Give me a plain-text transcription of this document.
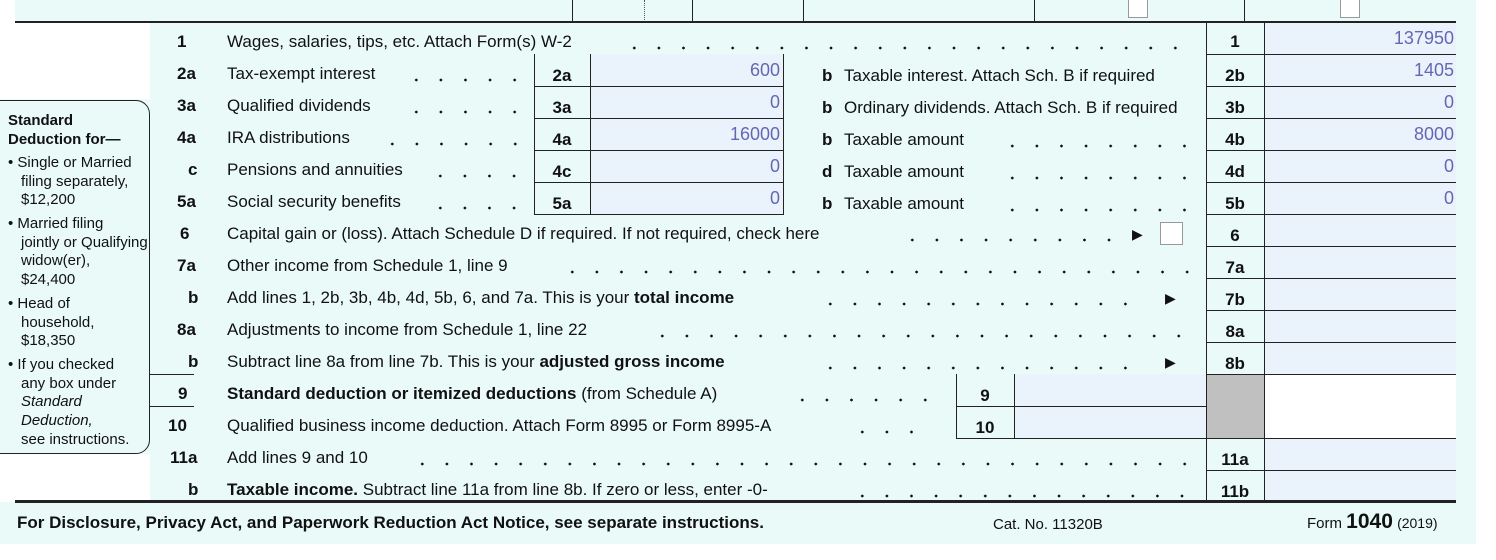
Standard
Deduction for—
• Single or Married
filing separately,
$12,200
• Married filing
jointly or Qualifying
widow(er),
$24,400
• Head of
household,
$18,350
• If you checked
any box under
Standard
Deduction,
see instructions.
1 Wages, salaries, tips, etc. Attach Form(s) W-2	1	137950
2a Tax-exempt interest	2a	600 b Taxable interest. Attach Sch. B if required	2b	1405
3a Qualified dividends	3a	0 b Ordinary dividends. Attach Sch. B if required	3b	0
4a IRA distributions	4a	16000 b Taxable amount	4b	8000
c Pensions and annuities	4c	0 d Taxable amount	4d	0
5a Social security benefits	5a	0 b Taxable amount	5b	0
6 Capital gain or (loss). Attach Schedule D if required. If not required, check here	▶	6
7a Other income from Schedule 1, line 9	7a
b Add lines 1, 2b, 3b, 4b, 4d, 5b, 6, and 7a. This is your total income	▶	7b
8a Adjustments to income from Schedule 1, line 22	8a
b Subtract line 8a from line 7b. This is your adjusted gross income	▶	8b
9 Standard deduction or itemized deductions (from Schedule A)	9
10 Qualified business income deduction. Attach Form 8995 or Form 8995-A	10
11a Add lines 9 and 10	11a
b Taxable income. Subtract line 11a from line 8b. If zero or less, enter -0-	11b
For Disclosure, Privacy Act, and Paperwork Reduction Act Notice, see separate instructions.	Cat. No. 11320B	Form 1040 (2019)
